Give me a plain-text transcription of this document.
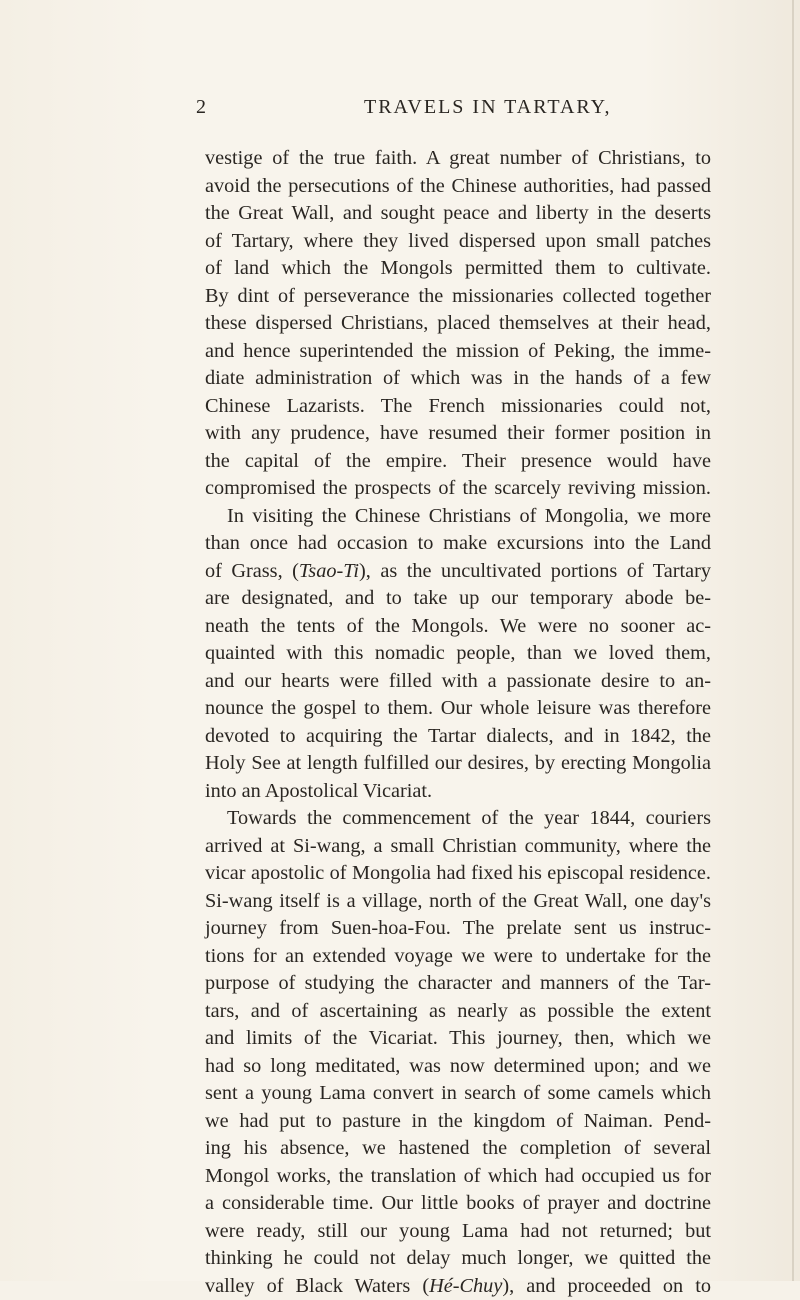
2	TRAVELS IN TARTARY,
vestige of the true faith. A great number of Christians, to
avoid the persecutions of the Chinese authorities, had passed
the Great Wall, and sought peace and liberty in the deserts
of Tartary, where they lived dispersed upon small patches
of land which the Mongols permitted them to cultivate.
By dint of perseverance the missionaries collected together
these dispersed Christians, placed themselves at their head,
and hence superintended the mission of Peking, the imme-
diate administration of which was in the hands of a few
Chinese Lazarists. The French missionaries could not,
with any prudence, have resumed their former position in
the capital of the empire. Their presence would have
compromised the prospects of the scarcely reviving mission.
In visiting the Chinese Christians of Mongolia, we more
than once had occasion to make excursions into the Land
of Grass, (Tsao-Ti), as the uncultivated portions of Tartary
are designated, and to take up our temporary abode be-
neath the tents of the Mongols. We were no sooner ac-
quainted with this nomadic people, than we loved them,
and our hearts were filled with a passionate desire to an-
nounce the gospel to them. Our whole leisure was therefore
devoted to acquiring the Tartar dialects, and in 1842, the
Holy See at length fulfilled our desires, by erecting Mongolia
into an Apostolical Vicariat.
Towards the commencement of the year 1844, couriers
arrived at Si-wang, a small Christian community, where the
vicar apostolic of Mongolia had fixed his episcopal residence.
Si-wang itself is a village, north of the Great Wall, one day's
journey from Suen-hoa-Fou. The prelate sent us instruc-
tions for an extended voyage we were to undertake for the
purpose of studying the character and manners of the Tar-
tars, and of ascertaining as nearly as possible the extent
and limits of the Vicariat. This journey, then, which we
had so long meditated, was now determined upon; and we
sent a young Lama convert in search of some camels which
we had put to pasture in the kingdom of Naiman. Pend-
ing his absence, we hastened the completion of several
Mongol works, the translation of which had occupied us for
a considerable time. Our little books of prayer and doctrine
were ready, still our young Lama had not returned; but
thinking he could not delay much longer, we quitted the
valley of Black Waters (Hé-Chuy), and proceeded on to
